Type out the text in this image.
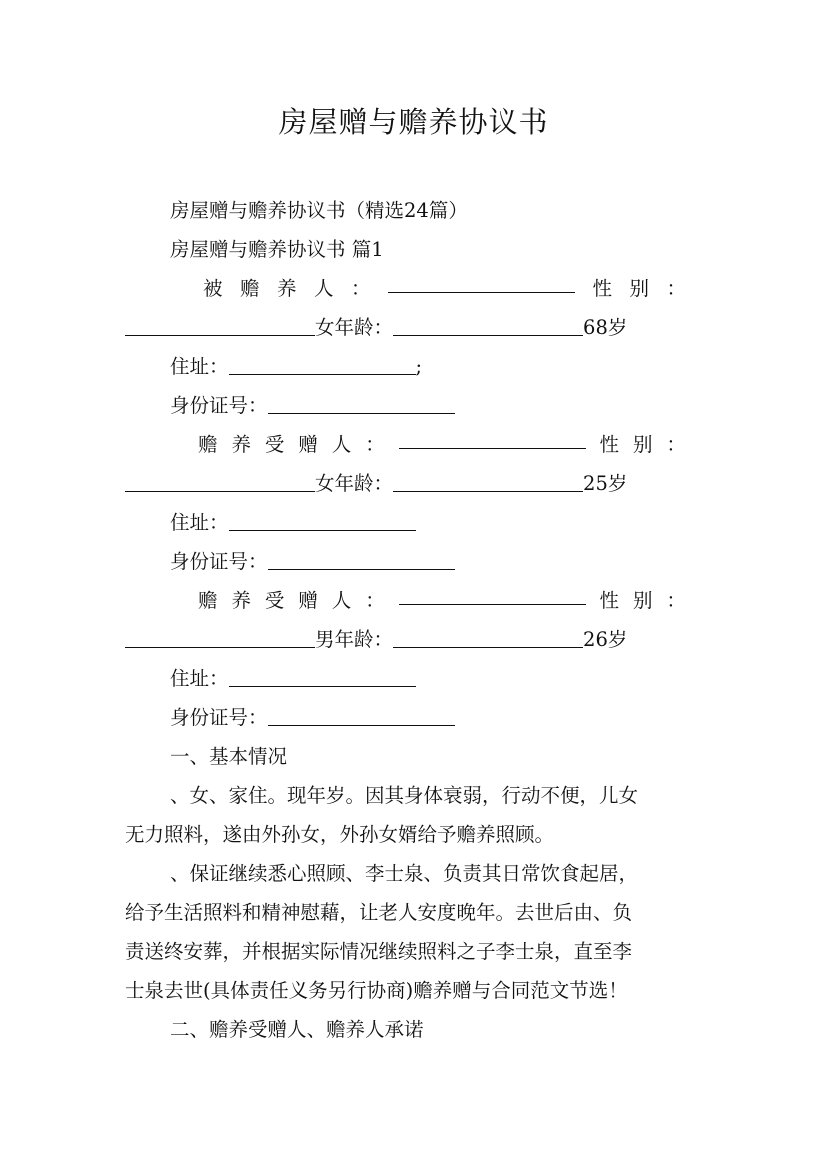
房屋赠与赡养协议书
房屋赠与赡养协议书（精选24篇）
房屋赠与赡养协议书 篇1
被 赡 养 人 ：	性 别 ：
女年龄：	68岁
住址：	;
身份证号：
赡 养 受 赠 人 ：	性 别 ：
女年龄：	25岁
住址：
身份证号：
赡 养 受 赠 人 ：	性 别 ：
男年龄：	26岁
住址：
身份证号：
一、基本情况
、女、家住。现年岁。因其身体衰弱，行动不便，儿女
无力照料，遂由外孙女，外孙女婿给予赡养照顾。
、保证继续悉心照顾、李士泉、负责其日常饮食起居，
给予生活照料和精神慰藉，让老人安度晚年。去世后由、负
责送终安葬，并根据实际情况继续照料之子李士泉，直至李
士泉去世(具体责任义务另行协商)赡养赠与合同范文节选！
二、赡养受赠人、赡养人承诺
